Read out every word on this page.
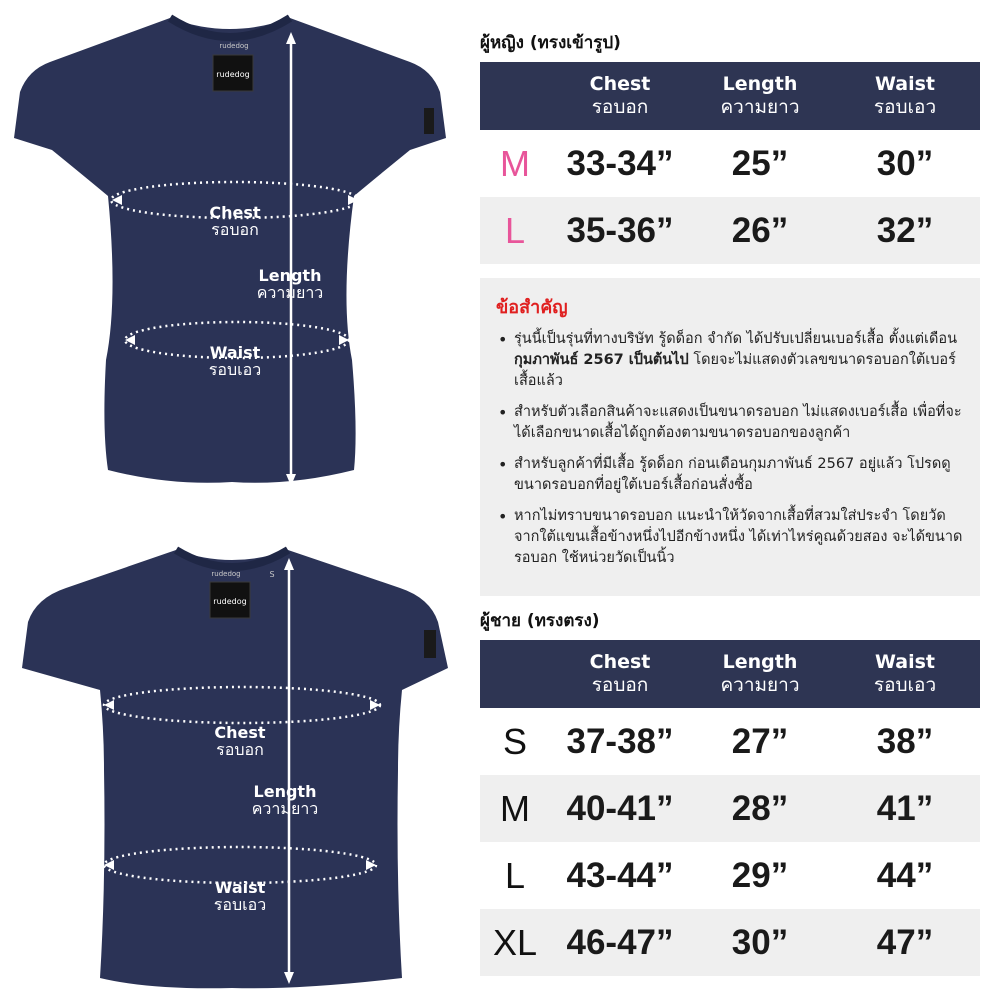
rudedog
rudedog
Chest
รอบอก
Length
ความยาว
Waist
รอบเอว
rudedog
rudedog	S
Chest
รอบอก
Length
ความยาว
Waist
รอบเอว
ผู้หญิง (ทรงเข้ารูป)
Chest
รอบอก
Length
ความยาว
Waist
รอบเอว
M	33-34”	25”	30”
L	35-36”	26”	32”
ข้อสำคัญ
• รุ่นนี้เป็นรุ่นที่ทางบริษัท รู้ดด็อก จำกัด ได้ปรับเปลี่ยนเบอร์เสื้อ ตั้งแต่เดือนกุมภาพันธ์ 2567 เป็นต้นไป โดยจะไม่แสดงตัวเลขขนาดรอบอกใต้เบอร์เสื้อแล้ว
• สำหรับตัวเลือกสินค้าจะแสดงเป็นขนาดรอบอก ไม่แสดงเบอร์เสื้อ เพื่อที่จะได้เลือกขนาดเสื้อได้ถูกต้องตามขนาดรอบอกของลูกค้า
• สำหรับลูกค้าที่มีเสื้อ รู้ดด็อก ก่อนเดือนกุมภาพันธ์ 2567 อยู่แล้ว โปรดดูขนาดรอบอกที่อยู่ใต้เบอร์เสื้อก่อนสั่งซื้อ
• หากไม่ทราบขนาดรอบอก แนะนำให้วัดจากเสื้อที่สวมใส่ประจำ โดยวัดจากใต้แขนเสื้อข้างหนึ่งไปอีกข้างหนึ่ง ได้เท่าไหร่คูณด้วยสอง จะได้ขนาดรอบอก ใช้หน่วยวัดเป็นนิ้ว
ผู้ชาย (ทรงตรง)
Chest
รอบอก
Length
ความยาว
Waist
รอบเอว
S	37-38”	27”	38”
M	40-41”	28”	41”
L	43-44”	29”	44”
XL 46-47”	30”	47”
